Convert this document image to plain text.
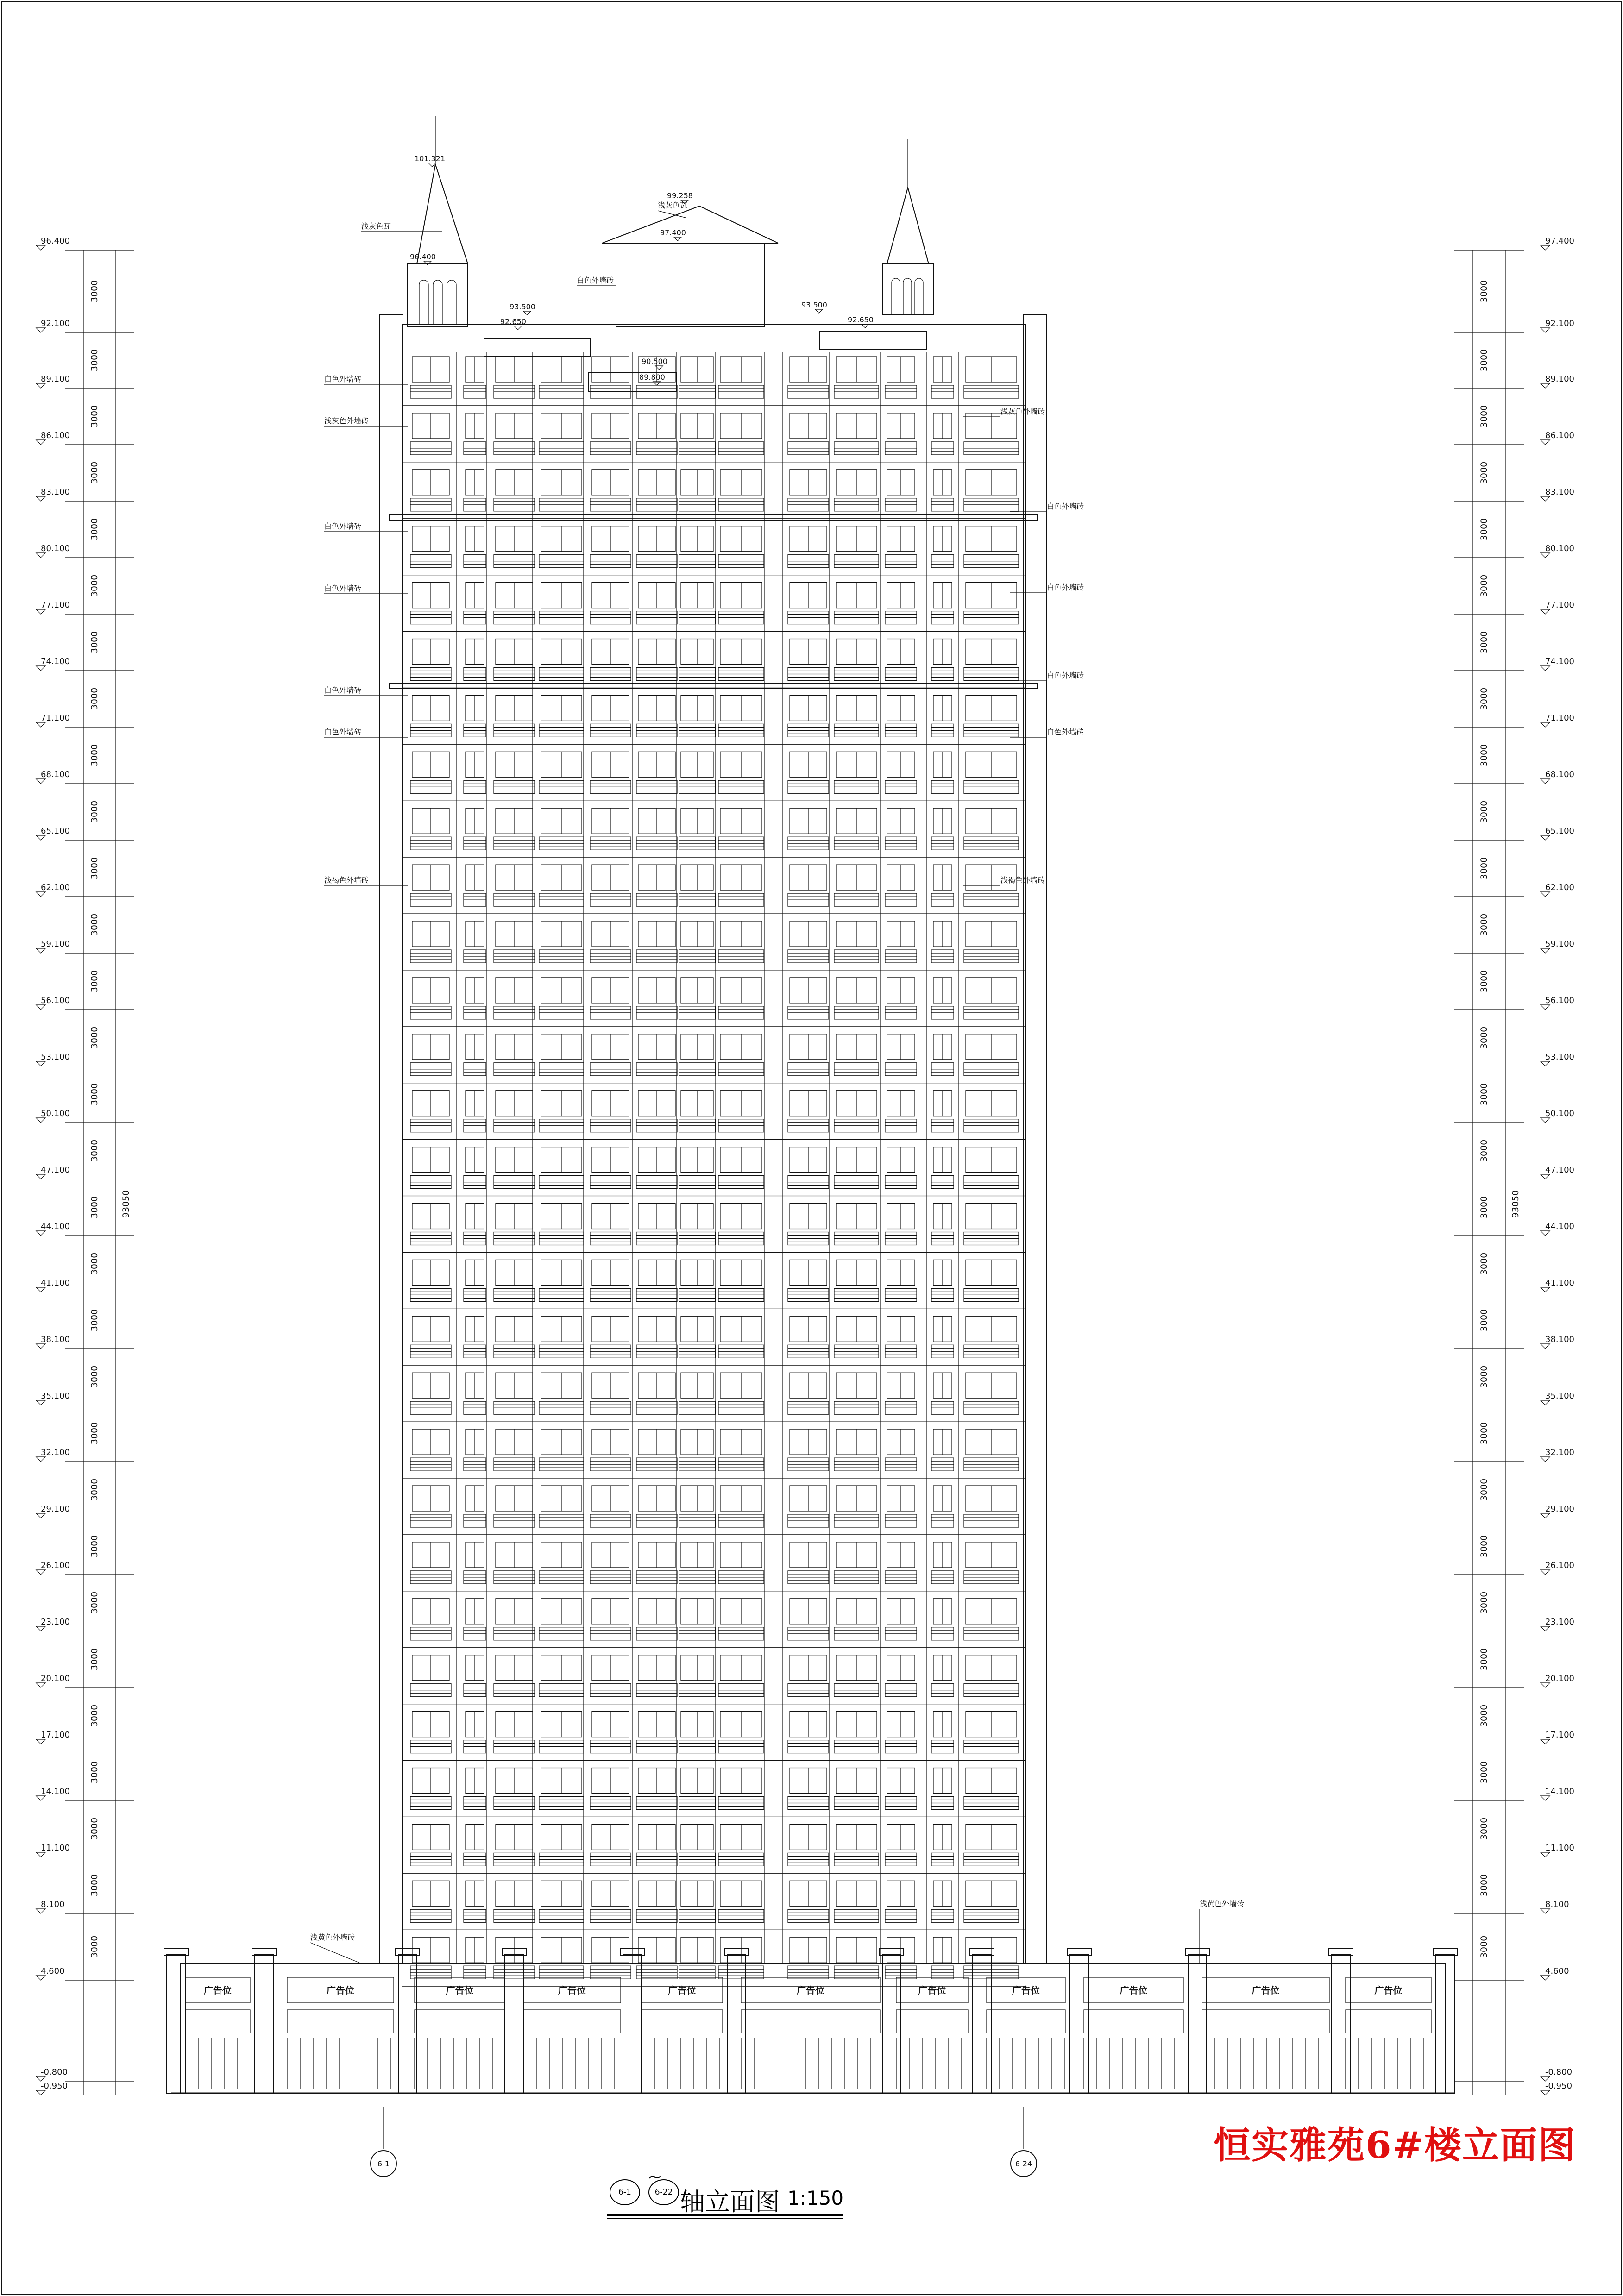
广告位	广告位	广告位	广告位	广告位	广告位	广告位	广告位	广告位	广告位	广告位
101.321
96.400
99.258
97.400
93.500
92.650
93.500
92.650
90.500
89.800
96.400
92.100
3000
89.100
3000
86.100
3000
83.100
3000
80.100
3000
77.100
3000
74.100
3000
71.100
3000
68.100
3000
65.100
3000
62.100
3000
59.100
3000
56.100
3000
53.100
3000
50.100
3000
47.100
3000
44.100
3000
41.100
3000
38.100
3000
35.100
3000
32.100
3000
29.100
3000
26.100
3000
23.100
3000
20.100
3000
17.100
3000
14.100
3000
11.100
3000
8.100
3000
4.600
3000
-0.800
-0.950
93050
97.400
92.100
3000
89.100
3000
86.100
3000
83.100
3000
80.100
3000
77.100
3000
74.100
3000
71.100
3000
68.100
3000
65.100
3000
62.100
3000
59.100
3000
56.100
3000
53.100
3000
50.100
3000
47.100
3000
44.100
3000
41.100
3000
38.100
3000
35.100
3000
32.100
3000
29.100
3000
26.100
3000
23.100
3000
20.100
3000
17.100
3000
14.100
3000
11.100
3000
8.100
3000
4.600
3000
-0.800
-0.950
93050
浅灰色瓦
浅灰色瓦
白色外墙砖
白色外墙砖
浅灰色外墙砖
白色外墙砖
白色外墙砖
白色外墙砖
白色外墙砖
浅褐色外墙砖
浅灰色外墙砖
白色外墙砖
白色外墙砖
白色外墙砖
白色外墙砖
浅褐色外墙砖
浅黄色外墙砖
浅黄色外墙砖
6-1	6-24
~
6-1	6-22 轴立面图 1:150
恒实雅苑6#楼立面图
